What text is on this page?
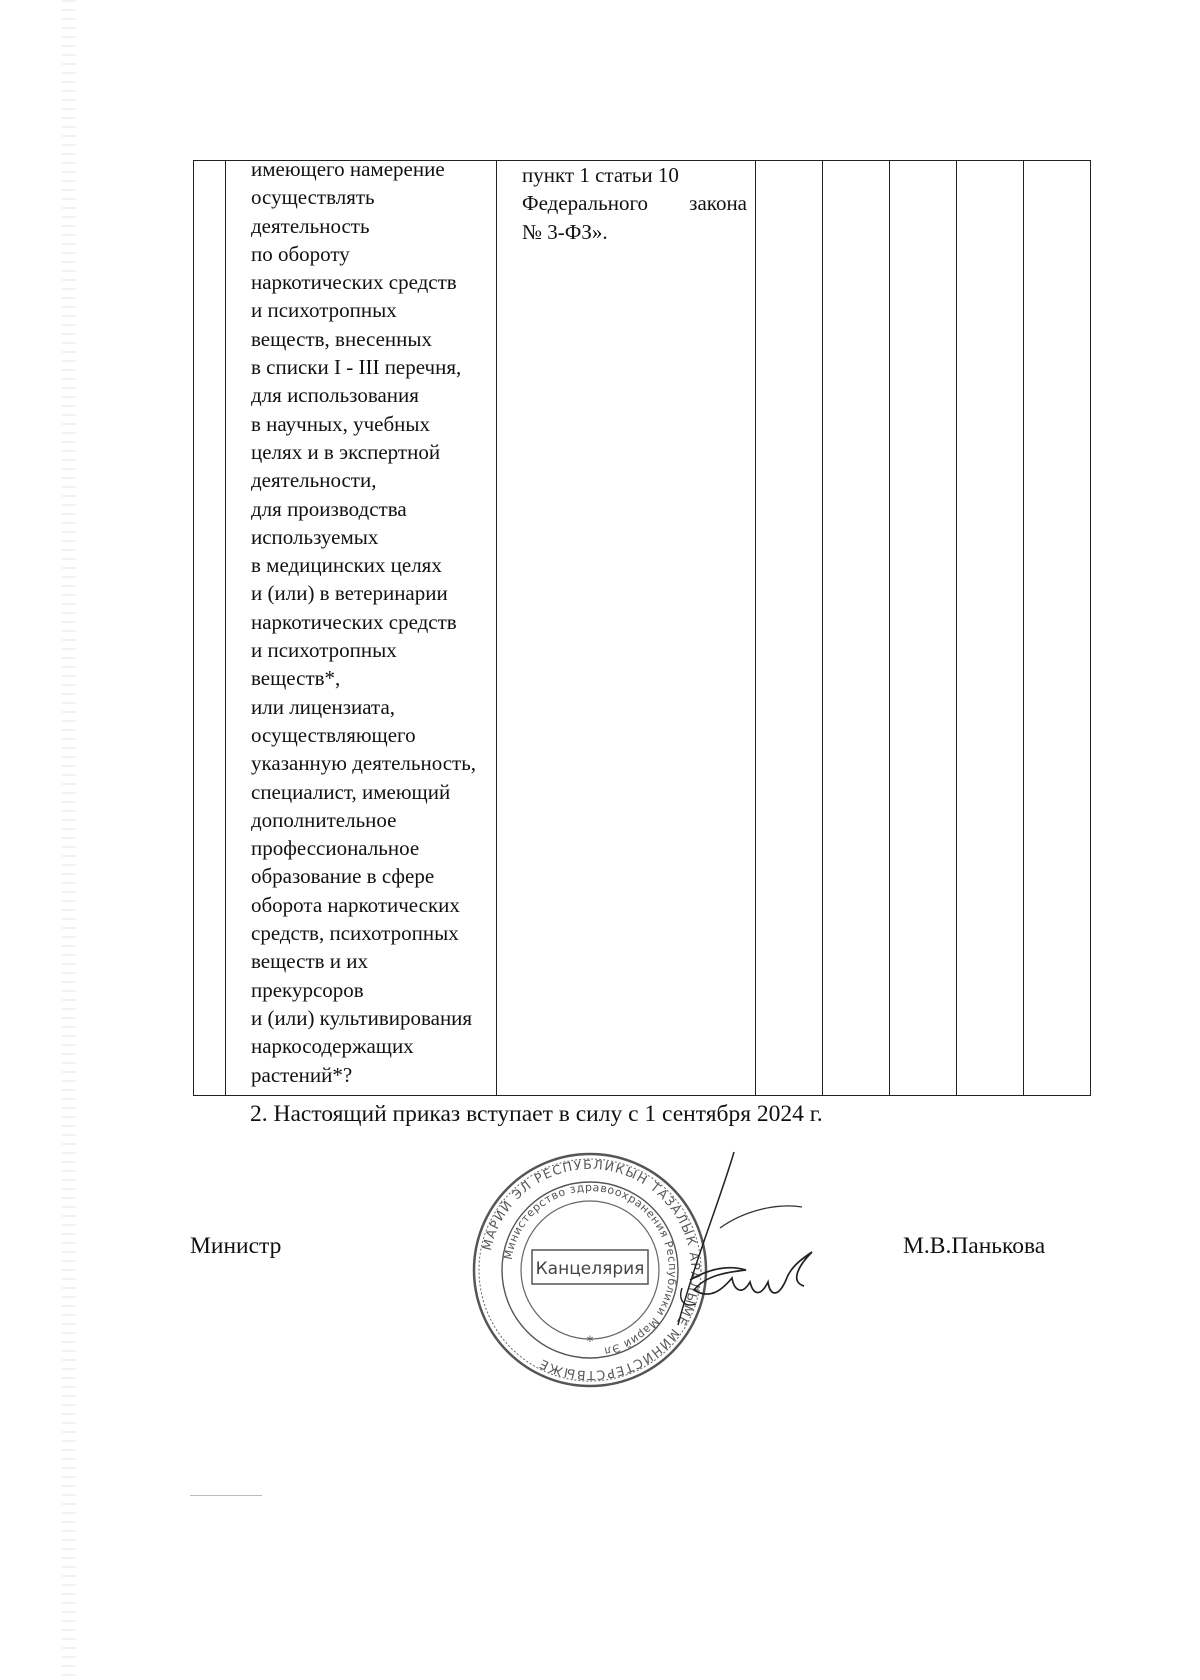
имеющего намерение
осуществлять
деятельность
по обороту
наркотических средств
и психотропных
веществ, внесенных
в списки I - III перечня,
для использования
в научных, учебных
целях и в экспертной
деятельности,
для производства
используемых
в медицинских целях
и (или) в ветеринарии
наркотических средств
и психотропных
веществ*,
или лицензиата,
осуществляющего
указанную деятельность,
специалист, имеющий
дополнительное
профессиональное
образование в сфере
оборота наркотических
средств, психотропных
веществ и их
прекурсоров
и (или) культивирования
наркосодержащих
растений*?

пункт 1 статьи 10
Федерального закона
№ 3-ФЗ».

2. Настоящий приказ вступает в силу с 1 сентября 2024 г.
Министр	М.В.Панькова
МАРИЙ ЭЛ РЕСПУБЛИКЫН ТАЗАЛЫК АРАЛЫМЕ МИНИСТЕРСТВЫЖЕ
Министерство здравоохранения Республики Марий Эл
Канцелярия
*
